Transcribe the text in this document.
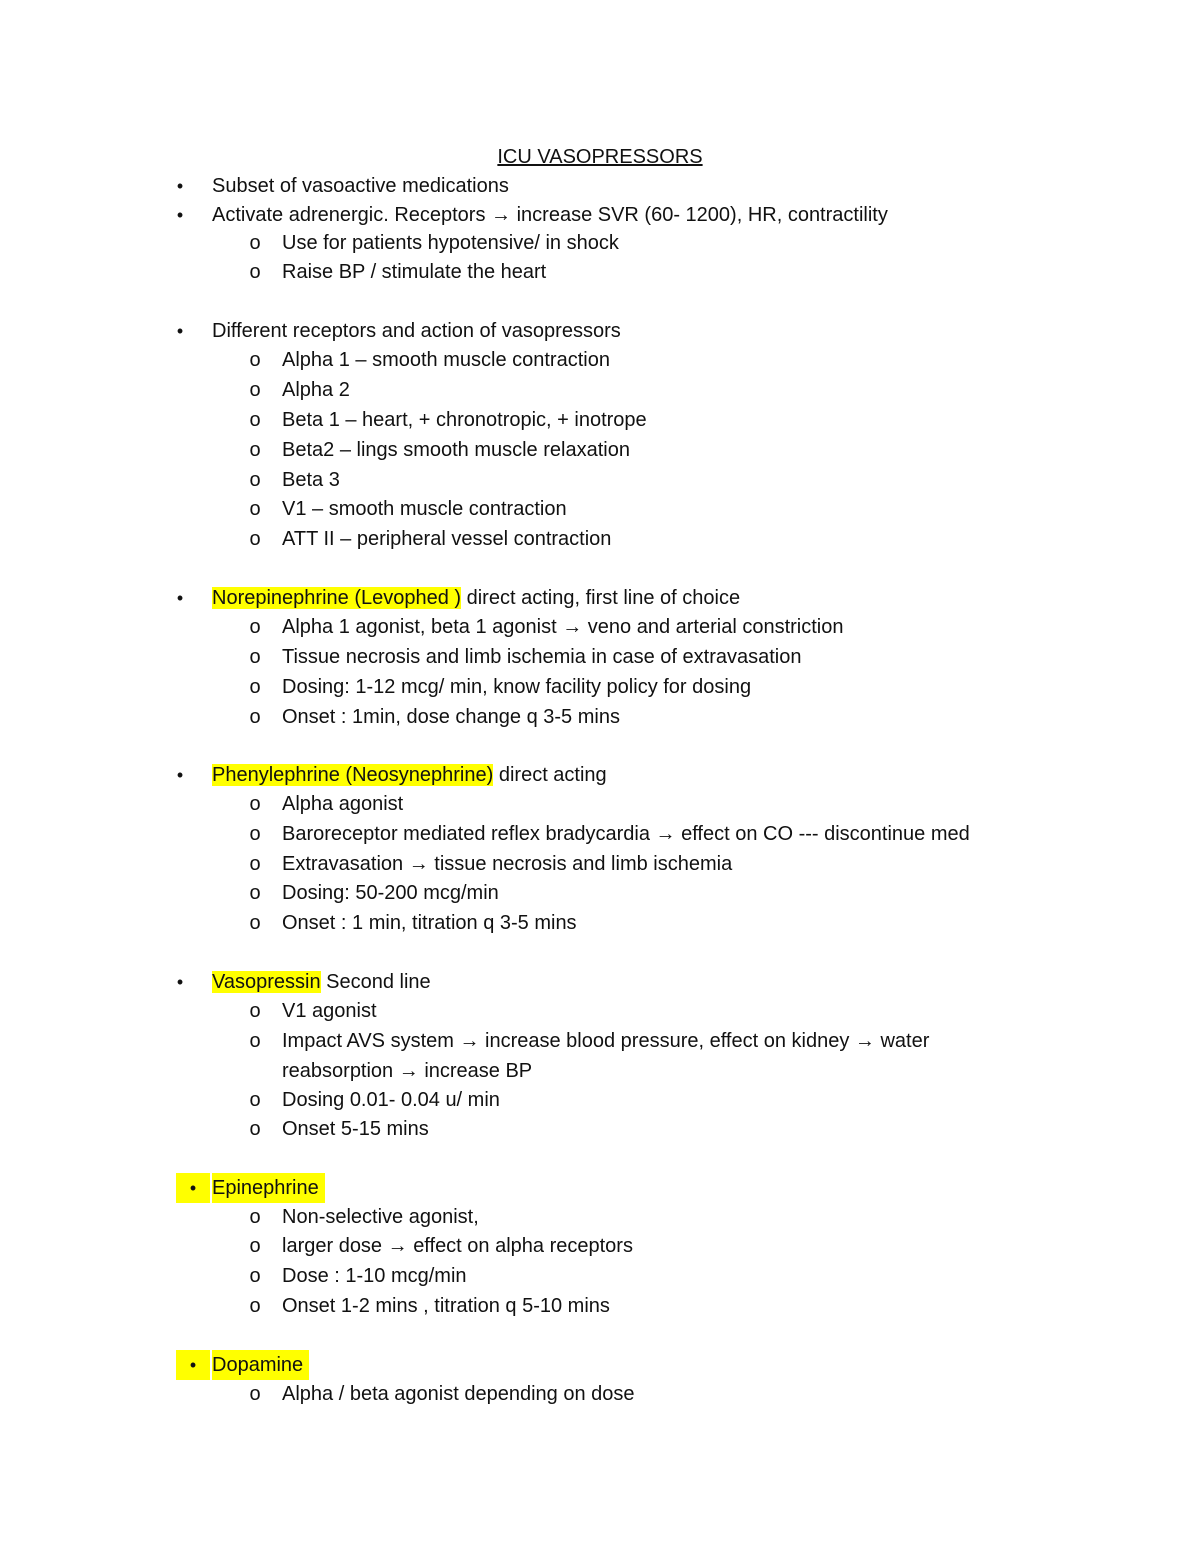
ICU VASOPRESSORS
• Subset of vasoactive medications
• Activate adrenergic. Receptors → increase SVR (60- 1200), HR, contractility
o Use for patients hypotensive/ in shock
o Raise BP / stimulate the heart
• Different receptors and action of vasopressors
o Alpha 1 – smooth muscle contraction
o Alpha 2
o Beta 1 – heart, + chronotropic, + inotrope
o Beta2 – lings smooth muscle relaxation
o Beta 3
o V1 – smooth muscle contraction
o ATT II – peripheral vessel contraction
• Norepinephrine (Levophed ) direct acting, first line of choice
o Alpha 1 agonist, beta 1 agonist → veno and arterial constriction
o Tissue necrosis and limb ischemia in case of extravasation
o Dosing: 1-12 mcg/ min, know facility policy for dosing
o Onset : 1min, dose change q 3-5 mins
• Phenylephrine (Neosynephrine) direct acting
o Alpha agonist
o Baroreceptor mediated reflex bradycardia → effect on CO --- discontinue med
o Extravasation → tissue necrosis and limb ischemia
o Dosing: 50-200 mcg/min
o Onset : 1 min, titration q 3-5 mins
• Vasopressin Second line
o V1 agonist
o Impact AVS system → increase blood pressure, effect on kidney → water
reabsorption → increase BP
o Dosing 0.01- 0.04 u/ min
o Onset 5-15 mins
• Epinephrine
o Non-selective agonist,
o larger dose → effect on alpha receptors
o Dose : 1-10 mcg/min
o Onset 1-2 mins , titration q 5-10 mins
• Dopamine
o Alpha / beta agonist depending on dose
